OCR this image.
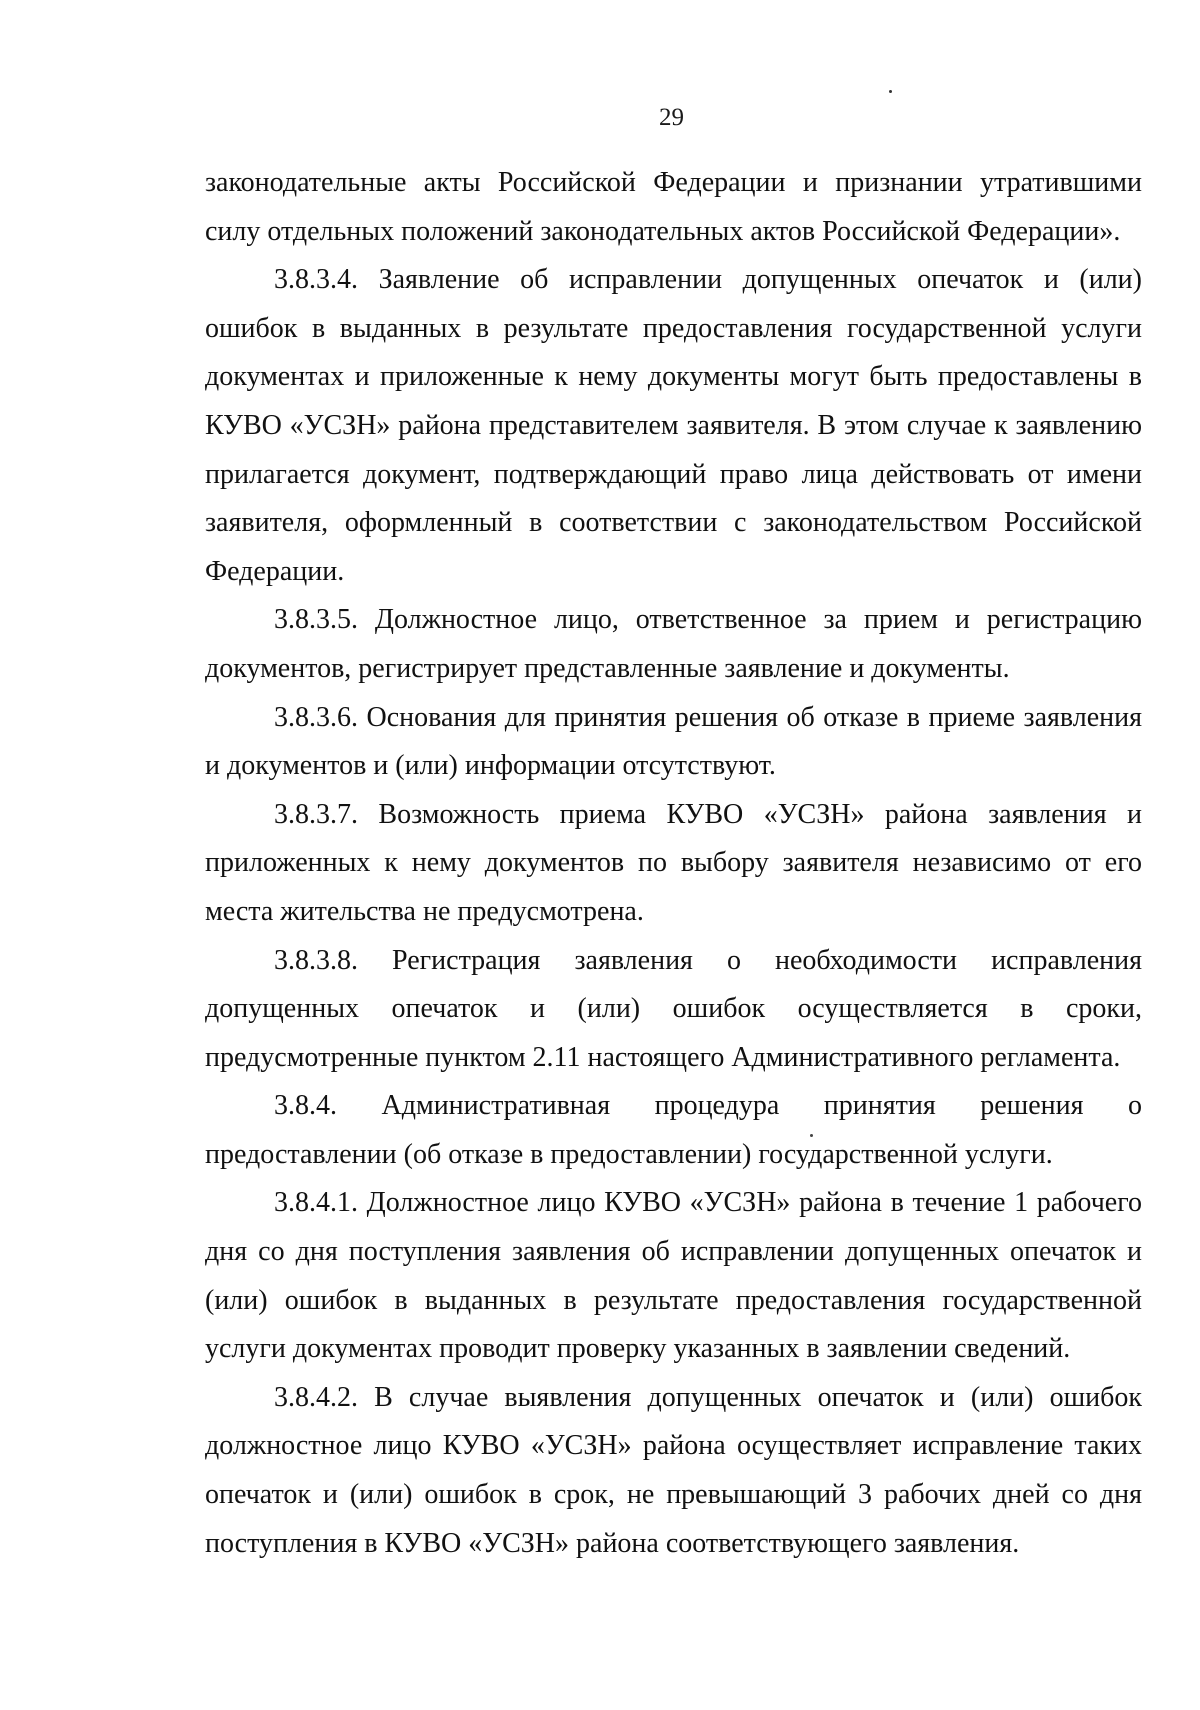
29

законодательные акты Российской Федерации и признании утратившими силу отдельных положений законодательных актов Российской Федерации».

3.8.3.4. Заявление об исправлении допущенных опечаток и (или) ошибок в выданных в результате предоставления государственной услуги документах и приложенные к нему документы могут быть предоставлены в КУВО «УСЗН» района представителем заявителя. В этом случае к заявлению прилагается документ, подтверждающий право лица действовать от имени заявителя, оформленный в соответствии с законодательством Российской Федерации.

3.8.3.5. Должностное лицо, ответственное за прием и регистрацию документов, регистрирует представленные заявление и документы.

3.8.3.6. Основания для принятия решения об отказе в приеме заявления и документов и (или) информации отсутствуют.

3.8.3.7. Возможность приема КУВО «УСЗН» района заявления и приложенных к нему документов по выбору заявителя независимо от его места жительства не предусмотрена.

3.8.3.8. Регистрация заявления о необходимости исправления допущенных опечаток и (или) ошибок осуществляется в сроки, предусмотренные пунктом 2.11 настоящего Административного регламента.

3.8.4. Административная процедура принятия решения о предоставлении (об отказе в предоставлении) государственной услуги.

3.8.4.1. Должностное лицо КУВО «УСЗН» района в течение 1 рабочего дня со дня поступления заявления об исправлении допущенных опечаток и (или) ошибок в выданных в результате предоставления государственной услуги документах проводит проверку указанных в заявлении сведений.

3.8.4.2. В случае выявления допущенных опечаток и (или) ошибок должностное лицо КУВО «УСЗН» района осуществляет исправление таких опечаток и (или) ошибок в срок, не превышающий 3 рабочих дней со дня поступления в КУВО «УСЗН» района соответствующего заявления.
